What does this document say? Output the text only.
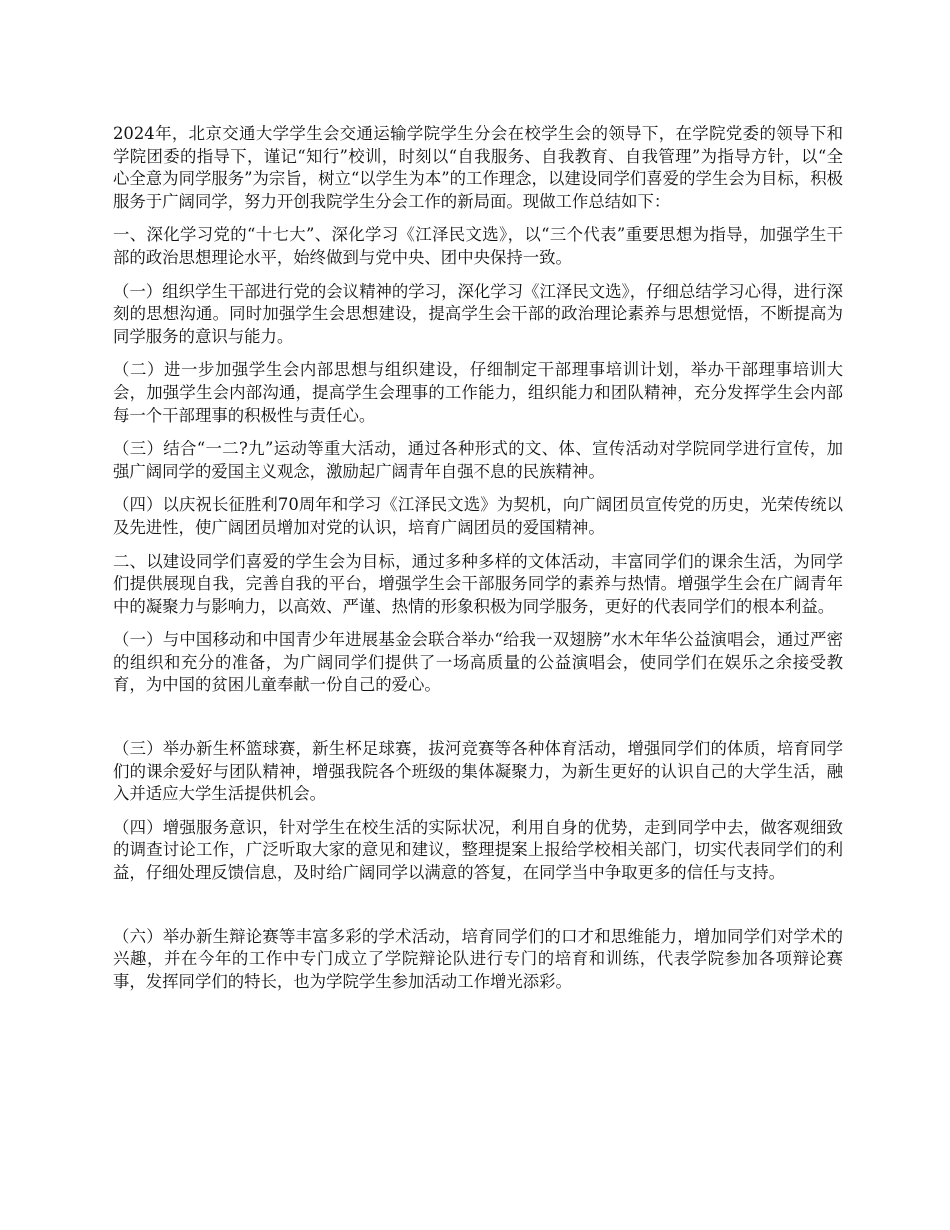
2024年，北京交通大学学生会交通运输学院学生分会在校学生会的领导下，在学院党委的领导下和学院团委的指导下，谨记“知行”校训，时刻以“自我服务、自我教育、自我管理”为指导方针，以“全心全意为同学服务”为宗旨，树立“以学生为本”的工作理念，以建设同学们喜爱的学生会为目标，积极服务于广阔同学，努力开创我院学生分会工作的新局面。现做工作总结如下：

一、深化学习党的“十七大”、深化学习《江泽民文选》，以“三个代表”重要思想为指导，加强学生干部的政治思想理论水平，始终做到与党中央、团中央保持一致。

（一）组织学生干部进行党的会议精神的学习，深化学习《江泽民文选》，仔细总结学习心得，进行深刻的思想沟通。同时加强学生会思想建设，提高学生会干部的政治理论素养与思想觉悟，不断提高为同学服务的意识与能力。

（二）进一步加强学生会内部思想与组织建设，仔细制定干部理事培训计划，举办干部理事培训大会，加强学生会内部沟通，提高学生会理事的工作能力，组织能力和团队精神，充分发挥学生会内部每一个干部理事的积极性与责任心。

（三）结合“一二?九”运动等重大活动，通过各种形式的文、体、宣传活动对学院同学进行宣传，加强广阔同学的爱国主义观念，激励起广阔青年自强不息的民族精神。

（四）以庆祝长征胜利70周年和学习《江泽民文选》为契机，向广阔团员宣传党的历史，光荣传统以及先进性，使广阔团员增加对党的认识，培育广阔团员的爱国精神。

二、以建设同学们喜爱的学生会为目标，通过多种多样的文体活动，丰富同学们的课余生活，为同学们提供展现自我，完善自我的平台，增强学生会干部服务同学的素养与热情。增强学生会在广阔青年中的凝聚力与影响力，以高效、严谨、热情的形象积极为同学服务，更好的代表同学们的根本利益。

（一）与中国移动和中国青少年进展基金会联合举办“给我一双翅膀”水木年华公益演唱会，通过严密的组织和充分的准备，为广阔同学们提供了一场高质量的公益演唱会，使同学们在娱乐之余接受教育，为中国的贫困儿童奉献一份自己的爱心。

（三）举办新生杯篮球赛，新生杯足球赛，拔河竞赛等各种体育活动，增强同学们的体质，培育同学们的课余爱好与团队精神，增强我院各个班级的集体凝聚力，为新生更好的认识自己的大学生活，融入并适应大学生活提供机会。

（四）增强服务意识，针对学生在校生活的实际状况，利用自身的优势，走到同学中去，做客观细致的调查讨论工作，广泛听取大家的意见和建议，整理提案上报给学校相关部门，切实代表同学们的利益，仔细处理反馈信息，及时给广阔同学以满意的答复，在同学当中争取更多的信任与支持。

（六）举办新生辩论赛等丰富多彩的学术活动，培育同学们的口才和思维能力，增加同学们对学术的兴趣，并在今年的工作中专门成立了学院辩论队进行专门的培育和训练，代表学院参加各项辩论赛事，发挥同学们的特长，也为学院学生参加活动工作增光添彩。
